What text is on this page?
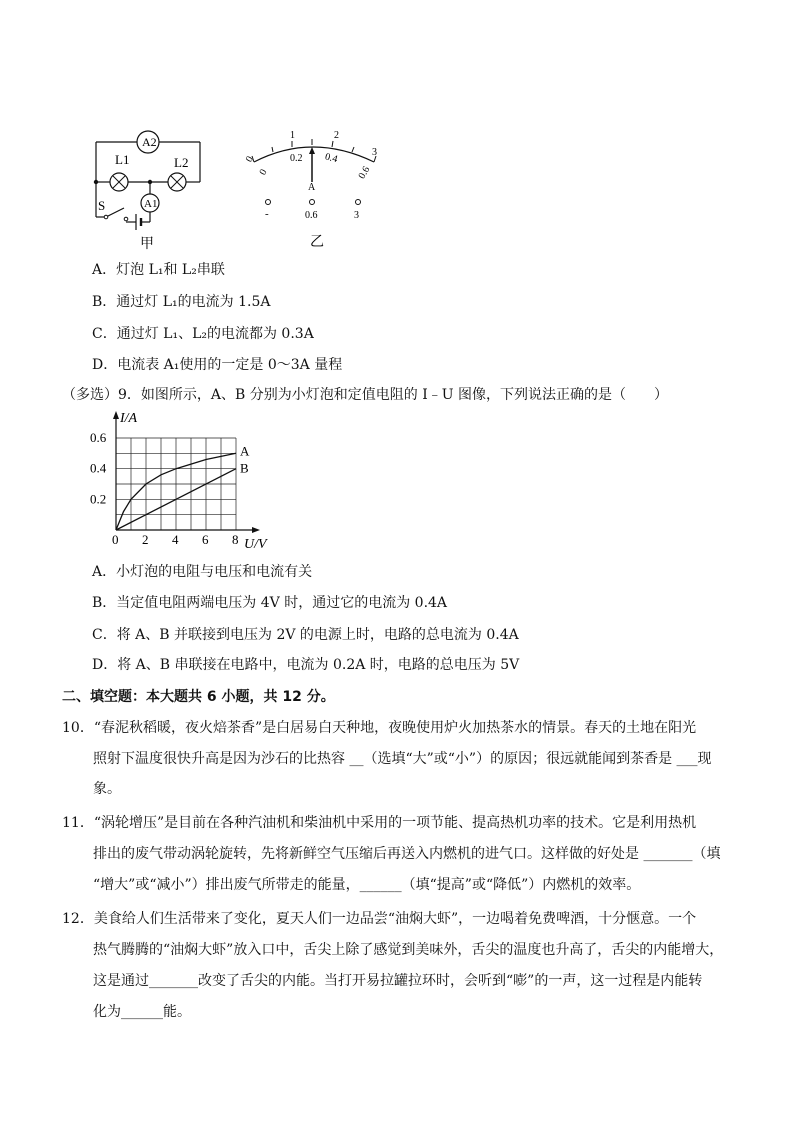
A2
L1	L2
A1
S
甲
0
1	2
3
0
0.2 0.4
0.6
A
-	0.6	3
乙
A．灯泡 L₁和 L₂串联
B．通过灯 L₁的电流为 1.5A
C．通过灯 L₁、L₂的电流都为 0.3A
D．电流表 A₁使用的一定是 0～3A 量程
（多选）9．如图所示，A、B 分别为小灯泡和定值电阻的 I﹣U 图像，下列说法正确的是（　　）
0 2 4 6 8
0.2
0.4
0.6
I/A
U/V
A
B
A．小灯泡的电阻与电压和电流有关
B．当定值电阻两端电压为 4V 时，通过它的电流为 0.4A
C．将 A、B 并联接到电压为 2V 的电源上时，电路的总电流为 0.4A
D．将 A、B 串联接在电路中，电流为 0.2A 时，电路的总电压为 5V
二、填空题：本大题共 6 小题，共 12 分。
10．“春泥秋稻暖，夜火焙茶香”是白居易白天种地，夜晚使用炉火加热茶水的情景。春天的土地在阳光
照射下温度很快升高是因为沙石的比热容 __（选填“大”或“小”）的原因；很远就能闻到茶香是 ___现
象。
11．“涡轮增压”是目前在各种汽油机和柴油机中采用的一项节能、提高热机功率的技术。它是利用热机
排出的废气带动涡轮旋转，先将新鲜空气压缩后再送入内燃机的进气口。这样做的好处是 _______（填
“增大”或“减小”）排出废气所带走的能量，______（填“提高”或“降低”）内燃机的效率。
12．美食给人们生活带来了变化，夏天人们一边品尝“油焖大虾”，一边喝着免费啤酒，十分惬意。一个
热气腾腾的“油焖大虾”放入口中，舌尖上除了感觉到美味外，舌尖的温度也升高了，舌尖的内能增大，
这是通过_______改变了舌尖的内能。当打开易拉罐拉环时，会听到“嘭”的一声，这一过程是内能转
化为______能。
